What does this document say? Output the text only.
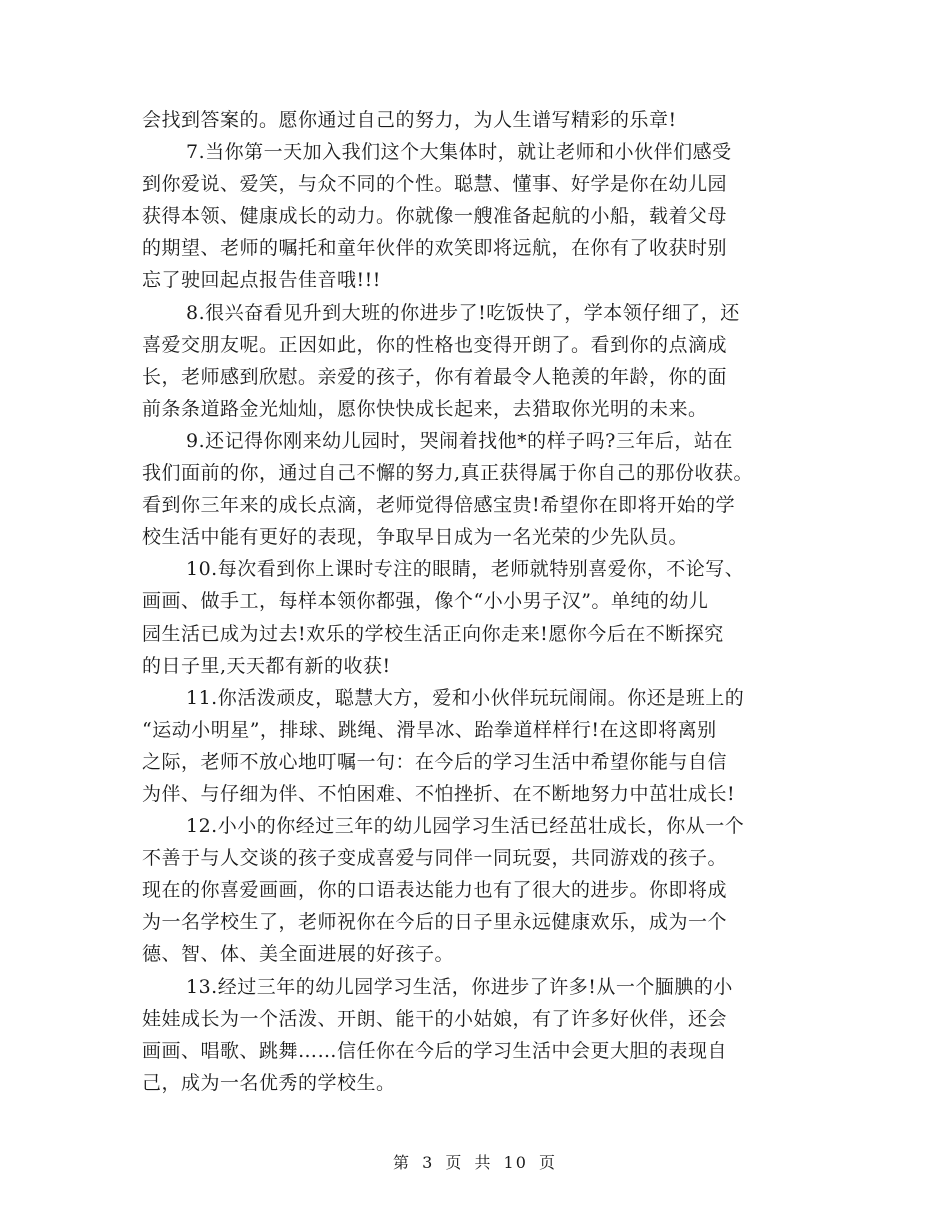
会找到答案的。愿你通过自己的努力，为人生谱写精彩的乐章!
7.当你第一天加入我们这个大集体时，就让老师和小伙伴们感受
到你爱说、爱笑，与众不同的个性。聪慧、懂事、好学是你在幼儿园
获得本领、健康成长的动力。你就像一艘准备起航的小船，载着父母
的期望、老师的嘱托和童年伙伴的欢笑即将远航，在你有了收获时别
忘了驶回起点报告佳音哦!!!
8.很兴奋看见升到大班的你进步了!吃饭快了，学本领仔细了，还
喜爱交朋友呢。正因如此，你的性格也变得开朗了。看到你的点滴成
长，老师感到欣慰。亲爱的孩子，你有着最令人艳羡的年龄，你的面
前条条道路金光灿灿，愿你快快成长起来，去猎取你光明的未来。
9.还记得你刚来幼儿园时，哭闹着找他*的样子吗?三年后，站在
我们面前的你，通过自己不懈的努力,真正获得属于你自己的那份收获。
看到你三年来的成长点滴，老师觉得倍感宝贵!希望你在即将开始的学
校生活中能有更好的表现，争取早日成为一名光荣的少先队员。
10.每次看到你上课时专注的眼睛，老师就特别喜爱你，不论写、
画画、做手工，每样本领你都强，像个“小小男子汉”。单纯的幼儿
园生活已成为过去!欢乐的学校生活正向你走来!愿你今后在不断探究
的日子里,天天都有新的收获!
11.你活泼顽皮，聪慧大方，爱和小伙伴玩玩闹闹。你还是班上的
“运动小明星”，排球、跳绳、滑旱冰、跆拳道样样行!在这即将离别
之际，老师不放心地叮嘱一句：在今后的学习生活中希望你能与自信
为伴、与仔细为伴、不怕困难、不怕挫折、在不断地努力中茁壮成长!
12.小小的你经过三年的幼儿园学习生活已经茁壮成长，你从一个
不善于与人交谈的孩子变成喜爱与同伴一同玩耍，共同游戏的孩子。
现在的你喜爱画画，你的口语表达能力也有了很大的进步。你即将成
为一名学校生了，老师祝你在今后的日子里永远健康欢乐，成为一个
德、智、体、美全面进展的好孩子。
13.经过三年的幼儿园学习生活，你进步了许多!从一个腼腆的小
娃娃成长为一个活泼、开朗、能干的小姑娘，有了许多好伙伴，还会
画画、唱歌、跳舞……信任你在今后的学习生活中会更大胆的表现自
己，成为一名优秀的学校生。
第 3 页 共 10 页
